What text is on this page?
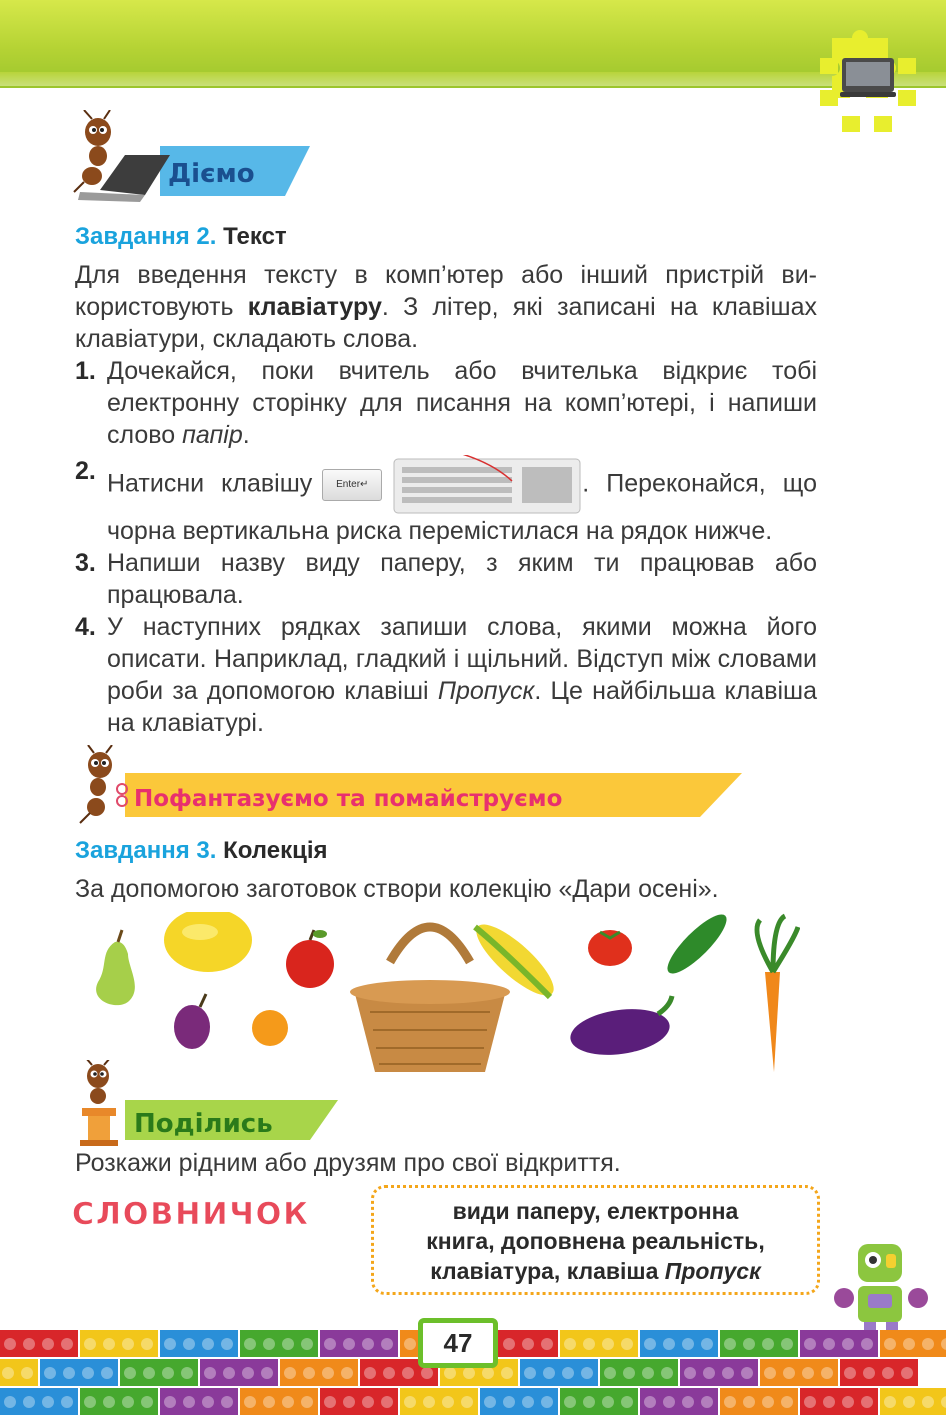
Діємо
Завдання 2. Текст
Для введення тексту в комп’ютер або інший пристрій використовують клавіатуру. З літер, які записані на клавішах клавіатури, складають слова.
1. Дочекайся, поки вчитель або вчителька відкриє тобі електронну сторінку для писання на комп’ютері, і напиши слово папір.
2. Натисни клавішу Enter↵	. Переконайся, що чорна вертикальна риска перемістилася на рядок нижче.
3. Напиши назву виду паперу, з яким ти працював або працювала.
4. У наступних рядках запиши слова, якими можна його описати. Наприклад, гладкий і щільний. Відступ між словами роби за допомогою клавіші Пропуск. Це найбільша клавіша на клавіатурі.
Пофантазуємо та помайструємо
Завдання 3. Колекція
За допомогою заготовок створи колекцію «Дари осені».
Поділись
Розкажи рідним або друзям про свої відкриття.
СЛОВНИЧОК	види паперу, електронна
книга, доповнена реальність,
клавіатура, клавіша Пропуск
47
